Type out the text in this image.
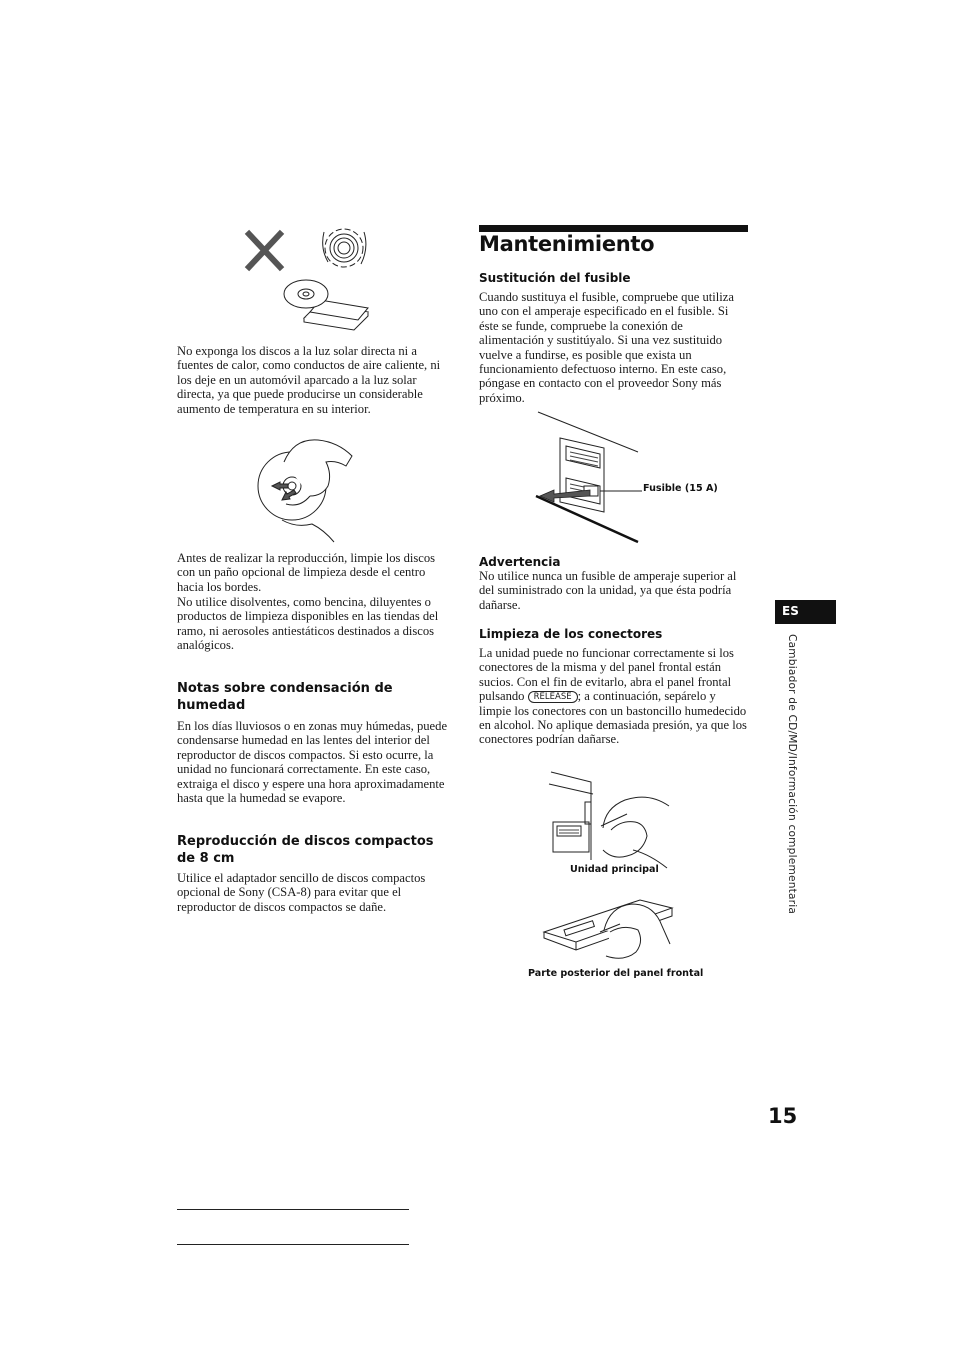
No exponga los discos a la luz solar directa ni a fuentes de calor, como conductos de aire caliente, ni los deje en un automóvil aparcado a la luz solar directa, ya que puede producirse un considerable aumento de temperatura en su interior.

Antes de realizar la reproducción, limpie los discos con un paño opcional de limpieza desde el centro hacia los bordes.

No utilice disolventes, como bencina, diluyentes o productos de limpieza disponibles en las tiendas del ramo, ni aerosoles antiestáticos destinados a discos analógicos.

Notas sobre condensación de humedad

En los días lluviosos o en zonas muy húmedas, puede condensarse humedad en las lentes del interior del reproductor de discos compactos. Si esto ocurre, la unidad no funcionará correctamente. En este caso, extraiga el disco y espere una hora aproximadamente hasta que la humedad se evapore.

Reproducción de discos compactos de 8 cm

Utilice el adaptador sencillo de discos compactos opcional de Sony (CSA-8) para evitar que el reproductor de discos compactos se dañe.

Mantenimiento
Sustitución del fusible

Cuando sustituya el fusible, compruebe que utiliza uno con el amperaje especificado en el fusible. Si éste se funde, compruebe la conexión de alimentación y sustitúyalo. Si una vez sustituido vuelve a fundirse, es posible que exista un funcionamiento defectuoso interno. En este caso, póngase en contacto con el proveedor Sony más próximo.

Fusible (15 A)
Advertencia

No utilice nunca un fusible de amperaje superior al del suministrado con la unidad, ya que ésta podría dañarse.

Limpieza de los conectores

La unidad puede no funcionar correctamente si los conectores de la misma y del panel frontal están sucios. Con el fin de evitarlo, abra el panel frontal pulsando RELEASE ; a continuación, sepárelo y limpie los conectores con un bastoncillo humedecido en alcohol. No aplique demasiada presión, ya que los conectores podrían dañarse.

Unidad principal
Parte posterior del panel frontal
ES
Cambiador de CD/MD/Información complementaria
15
